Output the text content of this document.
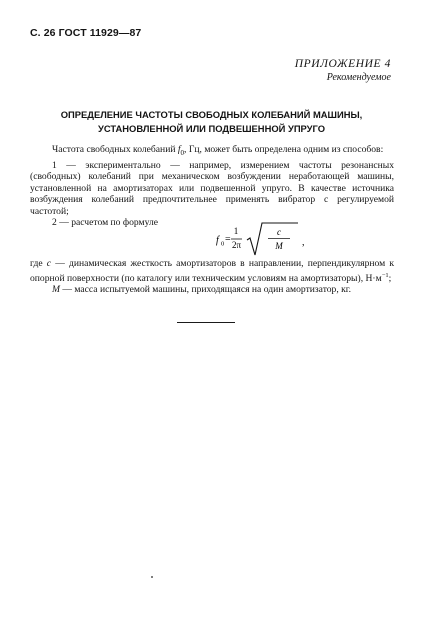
С. 26 ГОСТ 11929—87
ПРИЛОЖЕНИЕ 4
Рекомендуемое
ОПРЕДЕЛЕНИЕ ЧАСТОТЫ СВОБОДНЫХ КОЛЕБАНИЙ МАШИНЫ,
УСТАНОВЛЕННОЙ ИЛИ ПОДВЕШЕННОЙ УПРУГО

Частота свободных колебаний $f_0$, Гц, может быть определена одним из способов:

1 — экспериментально — например, измерением частоты резонансных (свободных) колебаний при механическом возбуждении неработающей машины, установленной на амортизаторах или подвешенной упруго. В качестве источника возбуждения колебаний предпочтительнее применять вибратор с регулируемой частотой;

2 — расчетом по формуле

f 0 =
1
2π
c
M ,

где c — динамическая жесткость амортизаторов в направлении, перпендикулярном к опорной поверхности (по каталогу или техническим условиям на амортизаторы), $Н\cdot м^{-1}$;

M — масса испытуемой машины, приходящаяся на один амортизатор, кг.
